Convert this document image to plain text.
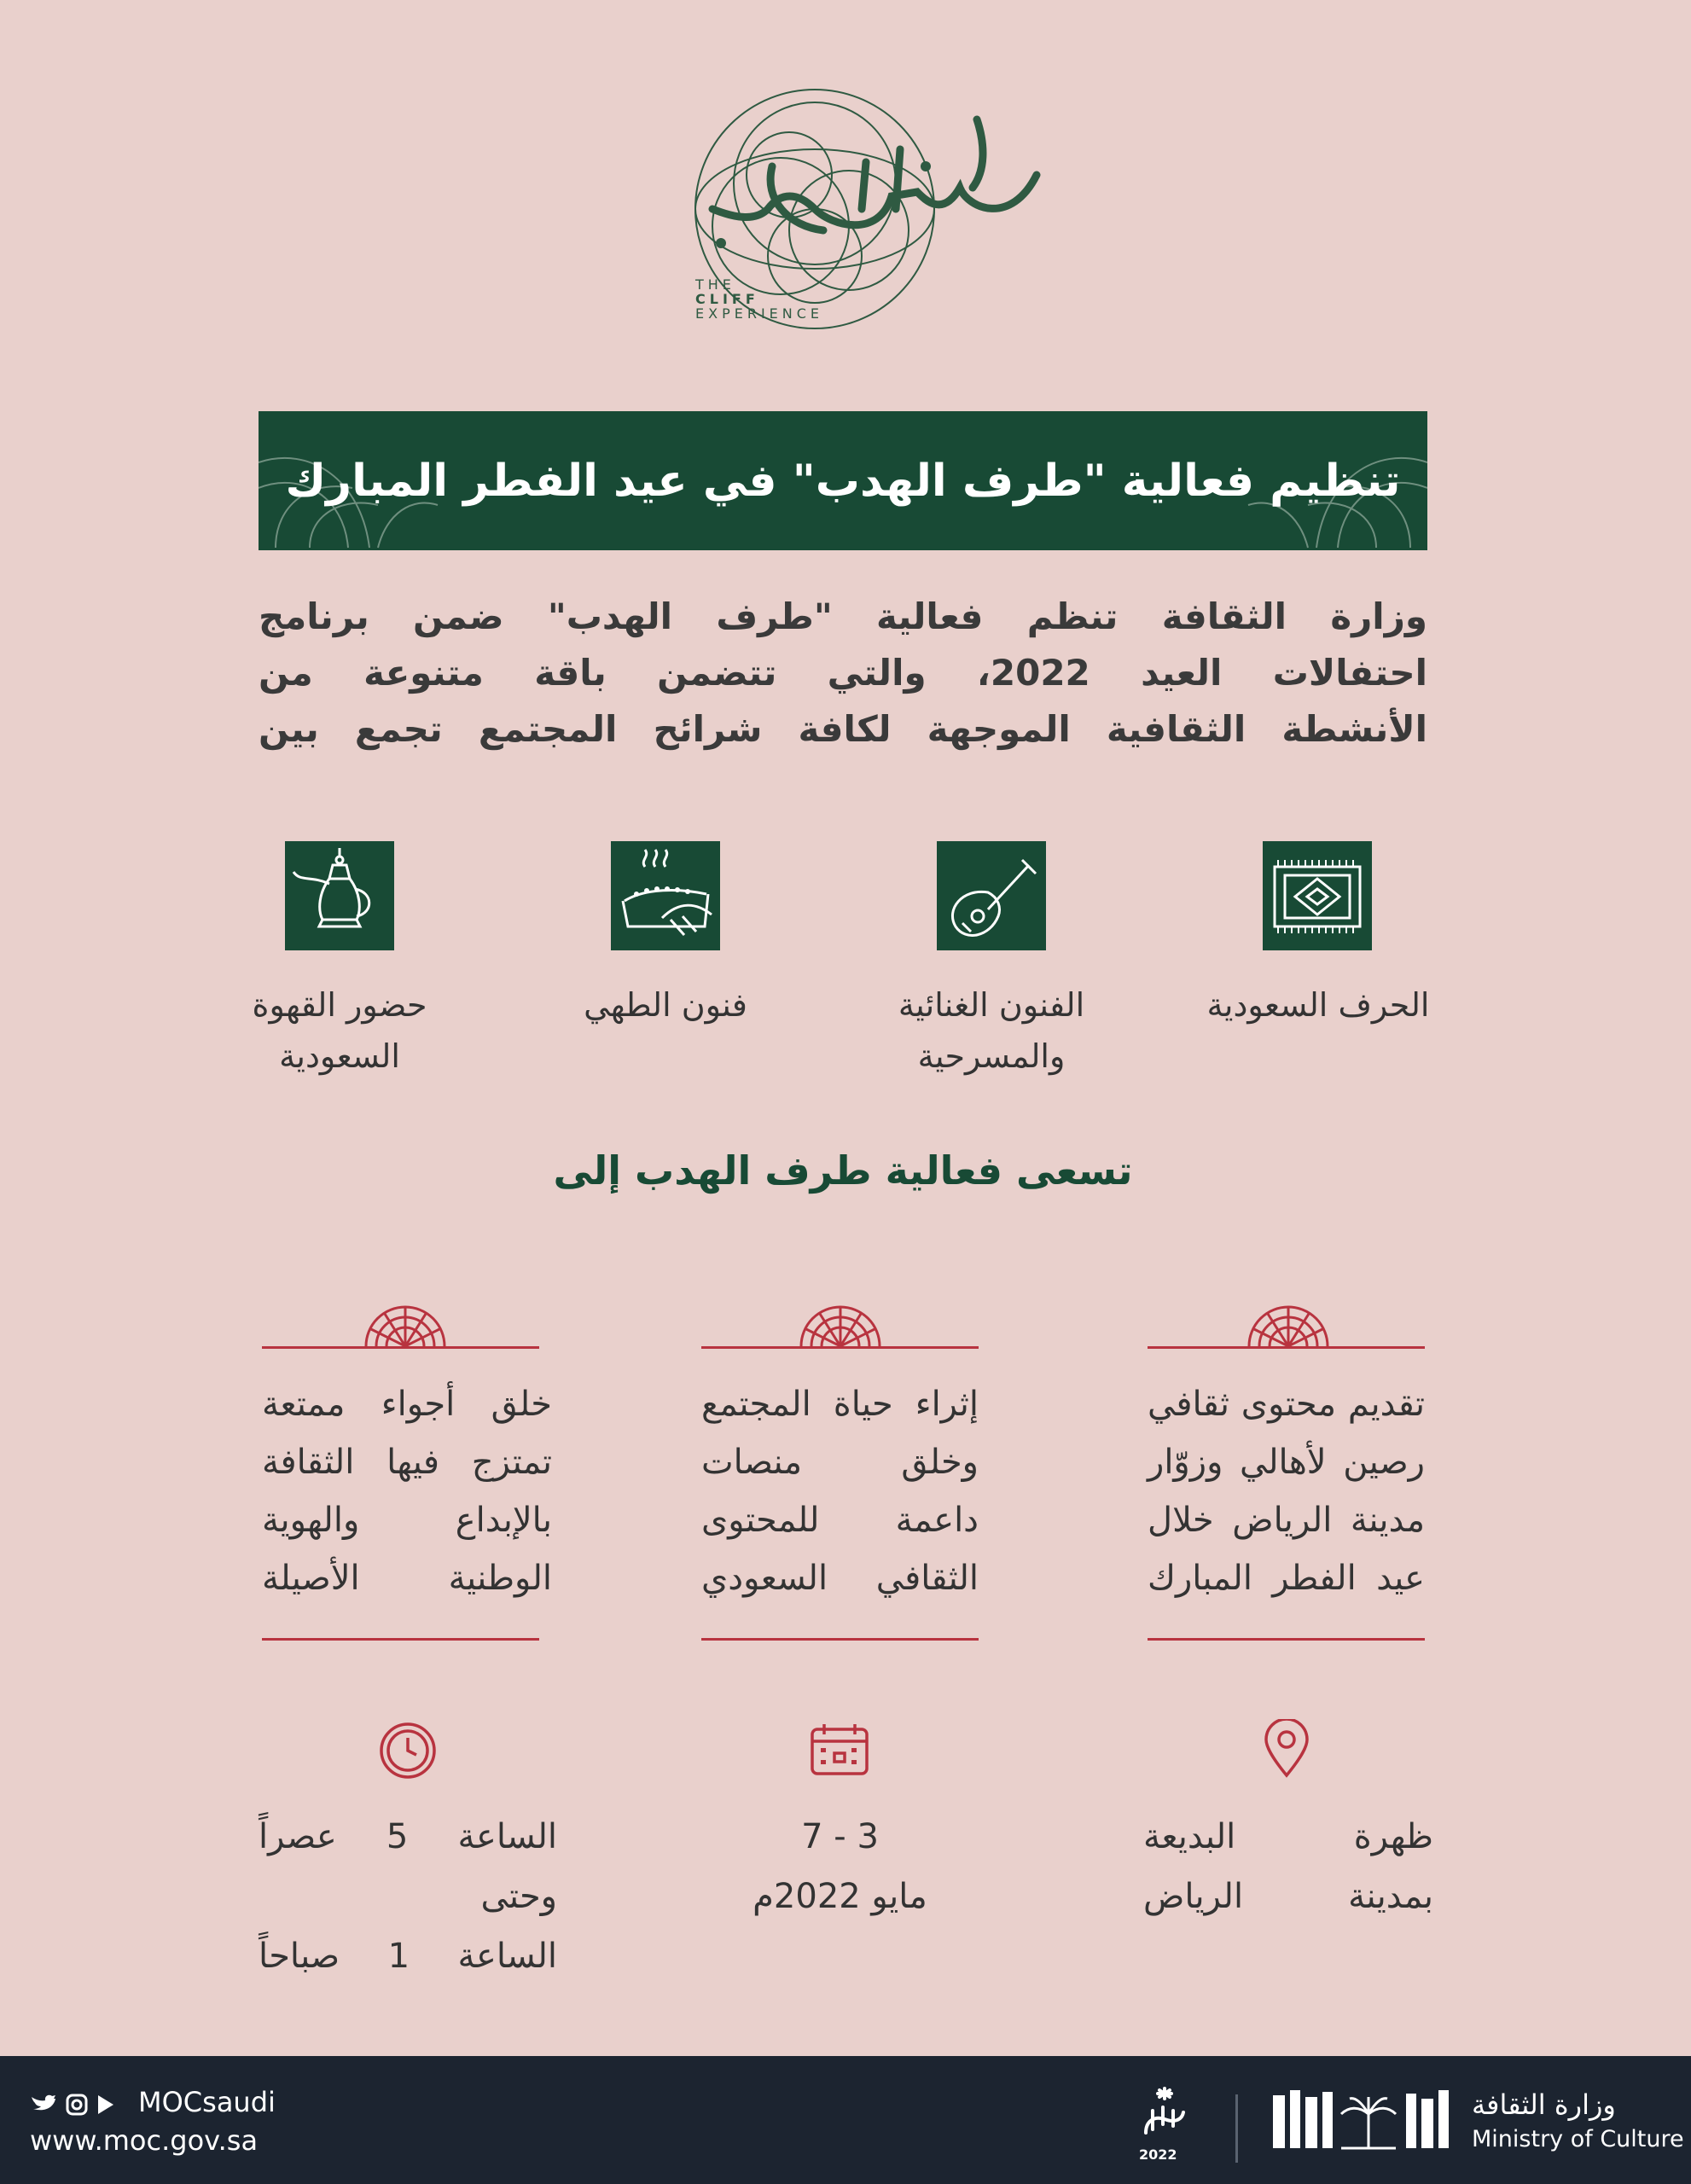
THE
CLIFF
EXPERIENCE
تنظيم فعالية "طرف الهدب" في عيد الفطر المبارك
وزارة الثقافة تنظم فعالية "طرف الهدب" ضمن برنامج
احتفالات العيد 2022، والتي تتضمن باقة متنوعة من
الأنشطة الثقافية الموجهة لكافة شرائح المجتمع تجمع بين
الحرف السعودية
الفنون الغنائية
والمسرحية
فنون الطهي
حضور القهوة
السعودية
تسعى فعالية طرف الهدب إلى
تقديم محتوى ثقافي
رصين لأهالي وزوّار
مدينة الرياض خلال
عيد الفطر المبارك
إثراء حياة المجتمع
وخلق منصات
داعمة للمحتوى
الثقافي السعودي
خلق أجواء ممتعة
تمتزج فيها الثقافة
بالإبداع والهوية
الوطنية الأصيلة
ظهرة البديعة
بمدينة الرياض
3 - 7
مايو 2022م
الساعة 5 عصراً وحتى
الساعة 1 صباحاً
MOCsaudi
www.moc.gov.sa	2022
وزارة الثقافة
Ministry of Culture
